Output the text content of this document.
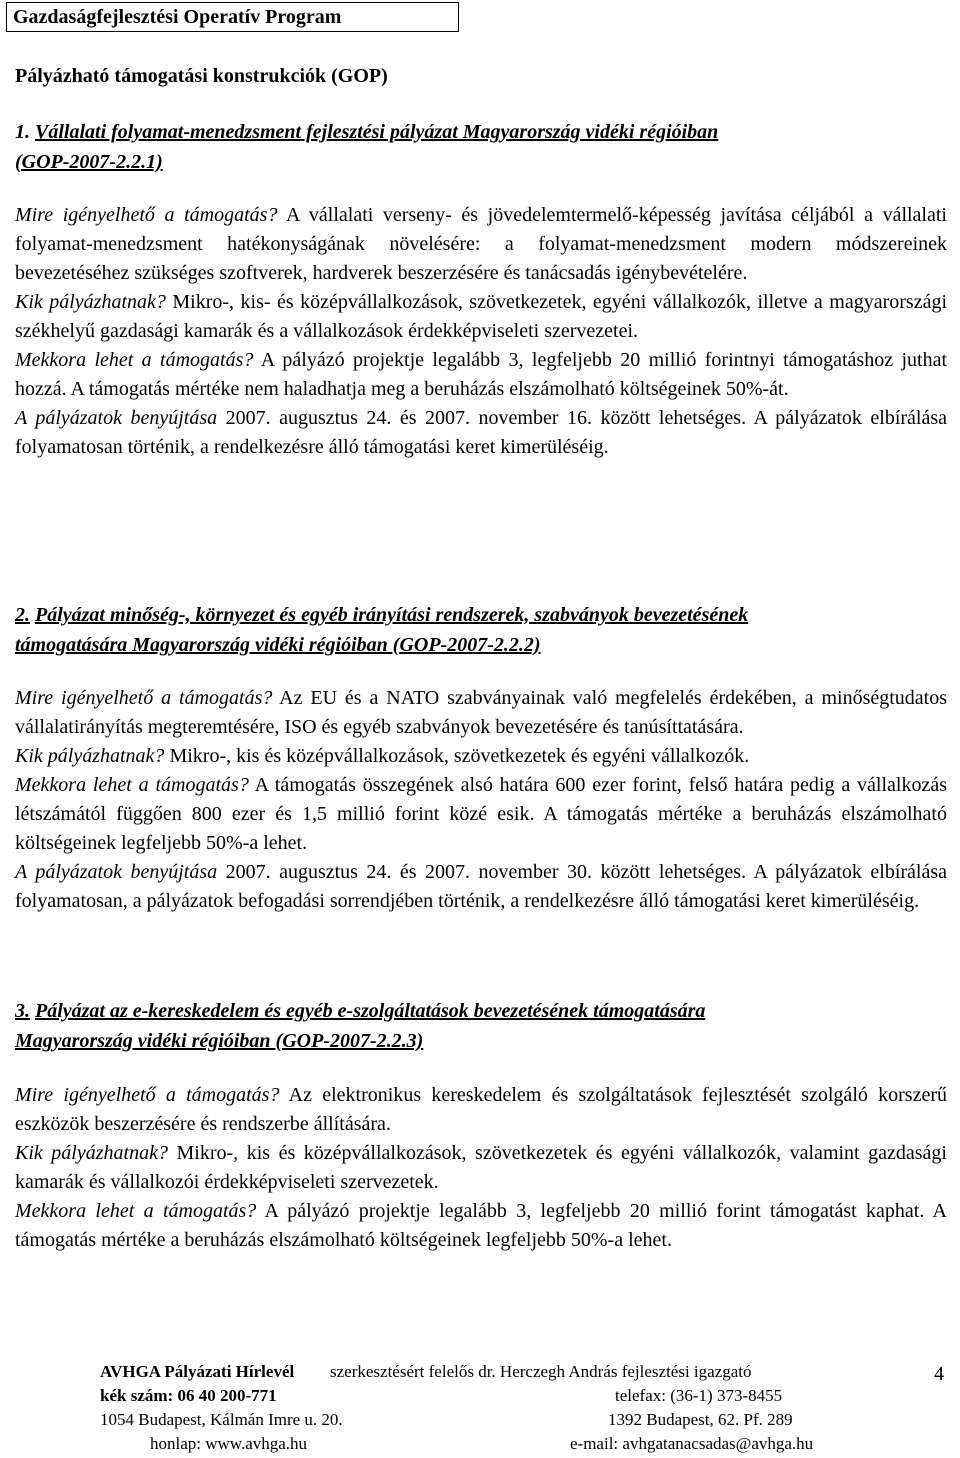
Gazdaságfejlesztési Operatív Program
Pályázható támogatási konstrukciók (GOP)
1. Vállalati folyamat-menedzsment fejlesztési pályázat Magyarország vidéki régióiban
(GOP-2007-2.2.1)

Mire igényelhető a támogatás? A vállalati verseny- és jövedelemtermelő-képesség javítása céljából a vállalati folyamat-menedzsment hatékonyságának növelésére: a folyamat-menedzsment modern módszereinek bevezetéséhez szükséges szoftverek, hardverek beszerzésére és tanácsadás igénybevételére.

Kik pályázhatnak? Mikro-, kis- és középvállalkozások, szövetkezetek, egyéni vállalkozók, illetve a magyarországi székhelyű gazdasági kamarák és a vállalkozások érdekképviseleti szervezetei.

Mekkora lehet a támogatás? A pályázó projektje legalább 3, legfeljebb 20 millió forintnyi támogatáshoz juthat hozzá. A támogatás mértéke nem haladhatja meg a beruházás elszámolható költségeinek 50%-át.

A pályázatok benyújtása 2007. augusztus 24. és 2007. november 16. között lehetséges. A pályázatok elbírálása folyamatosan történik, a rendelkezésre álló támogatási keret kimerüléséig.

2. Pályázat minőség-, környezet és egyéb irányítási rendszerek, szabványok bevezetésének
támogatására Magyarország vidéki régióiban (GOP-2007-2.2.2)

Mire igényelhető a támogatás? Az EU és a NATO szabványainak való megfelelés érdekében, a minőségtudatos vállalatirányítás megteremtésére, ISO és egyéb szabványok bevezetésére és tanúsíttatására.

Kik pályázhatnak? Mikro-, kis és középvállalkozások, szövetkezetek és egyéni vállalkozók.

Mekkora lehet a támogatás? A támogatás összegének alsó határa 600 ezer forint, felső határa pedig a vállalkozás létszámától függően 800 ezer és 1,5 millió forint közé esik. A támogatás mértéke a beruházás elszámolható költségeinek legfeljebb 50%-a lehet.

A pályázatok benyújtása 2007. augusztus 24. és 2007. november 30. között lehetséges. A pályázatok elbírálása folyamatosan, a pályázatok befogadási sorrendjében történik, a rendelkezésre álló támogatási keret kimerüléséig.

3. Pályázat az e-kereskedelem és egyéb e-szolgáltatások bevezetésének támogatására
Magyarország vidéki régióiban (GOP-2007-2.2.3)

Mire igényelhető a támogatás? Az elektronikus kereskedelem és szolgáltatások fejlesztését szolgáló korszerű eszközök beszerzésére és rendszerbe állítására.

Kik pályázhatnak? Mikro-, kis és középvállalkozások, szövetkezetek és egyéni vállalkozók, valamint gazdasági kamarák és vállalkozói érdekképviseleti szervezetek.

Mekkora lehet a támogatás? A pályázó projektje legalább 3, legfeljebb 20 millió forint támogatást kaphat. A támogatás mértéke a beruházás elszámolható költségeinek legfeljebb 50%-a lehet.

AVHGA Pályázati Hírlevél szerkesztésért felelős dr. Herczegh András fejlesztési igazgató
kék szám: 06 40 200-771	telefax: (36-1) 373-8455
1054 Budapest, Kálmán Imre u. 20.	1392 Budapest, 62. Pf. 289
honlap: www.avhga.hu	e-mail: avhgatanacsadas@avhga.hu
4
